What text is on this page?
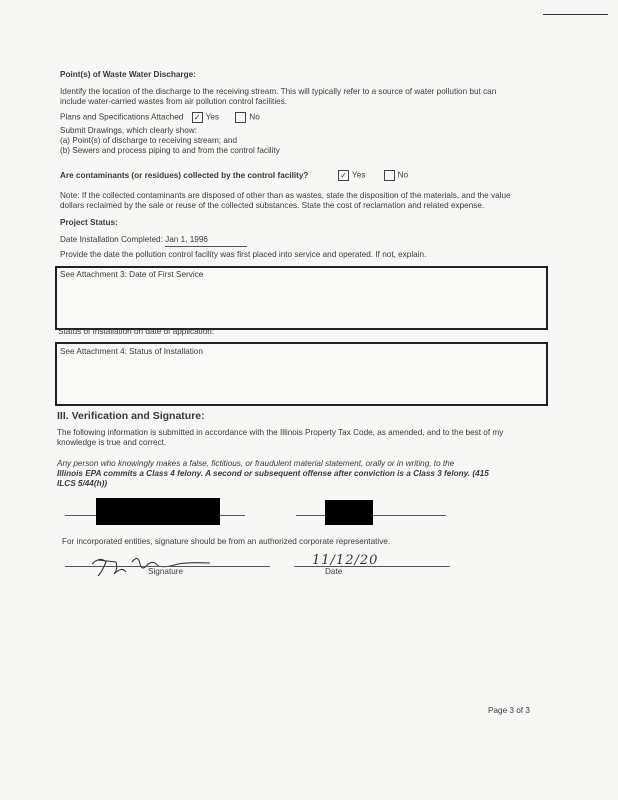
Point(s) of Waste Water Discharge:
Identify the location of the discharge to the receiving stream. This will typically refer to a source of water pollution but can
include water-carried wastes from air pollution control facilities.
Plans and Specifications Attached ✓ Yes	No
Submit Drawings, which clearly show:
(a) Point(s) of discharge to receiving stream; and
(b) Sewers and process piping to and from the control facility
Are contaminants (or residues) collected by the control facility?	✓ Yes	No
Note: If the collected contaminants are disposed of other than as wastes, state the disposition of the materials, and the value
dollars reclaimed by the sale or reuse of the collected substances. State the cost of reclamation and related expense.
Project Status:
Date Installation Completed: Jan 1, 1996
Provide the date the pollution control facility was first placed into service and operated. If not, explain.
See Attachment 3: Date of First Service
Status of Installation on date of application:
See Attachment 4: Status of Installation
III. Verification and Signature:
The following information is submitted in accordance with the Illinois Property Tax Code, as amended, and to the best of my
knowledge is true and correct.
Any person who knowingly makes a false, fictitious, or fraudulent material statement, orally or in writing, to the
Illinois EPA commits a Class 4 felony. A second or subsequent offense after conviction is a Class 3 felony. (415
ILCS 5/44(h))
For incorporated entities, signature should be from an authorized corporate representative.
Signature
11/12/20
Date
Page 3 of 3
